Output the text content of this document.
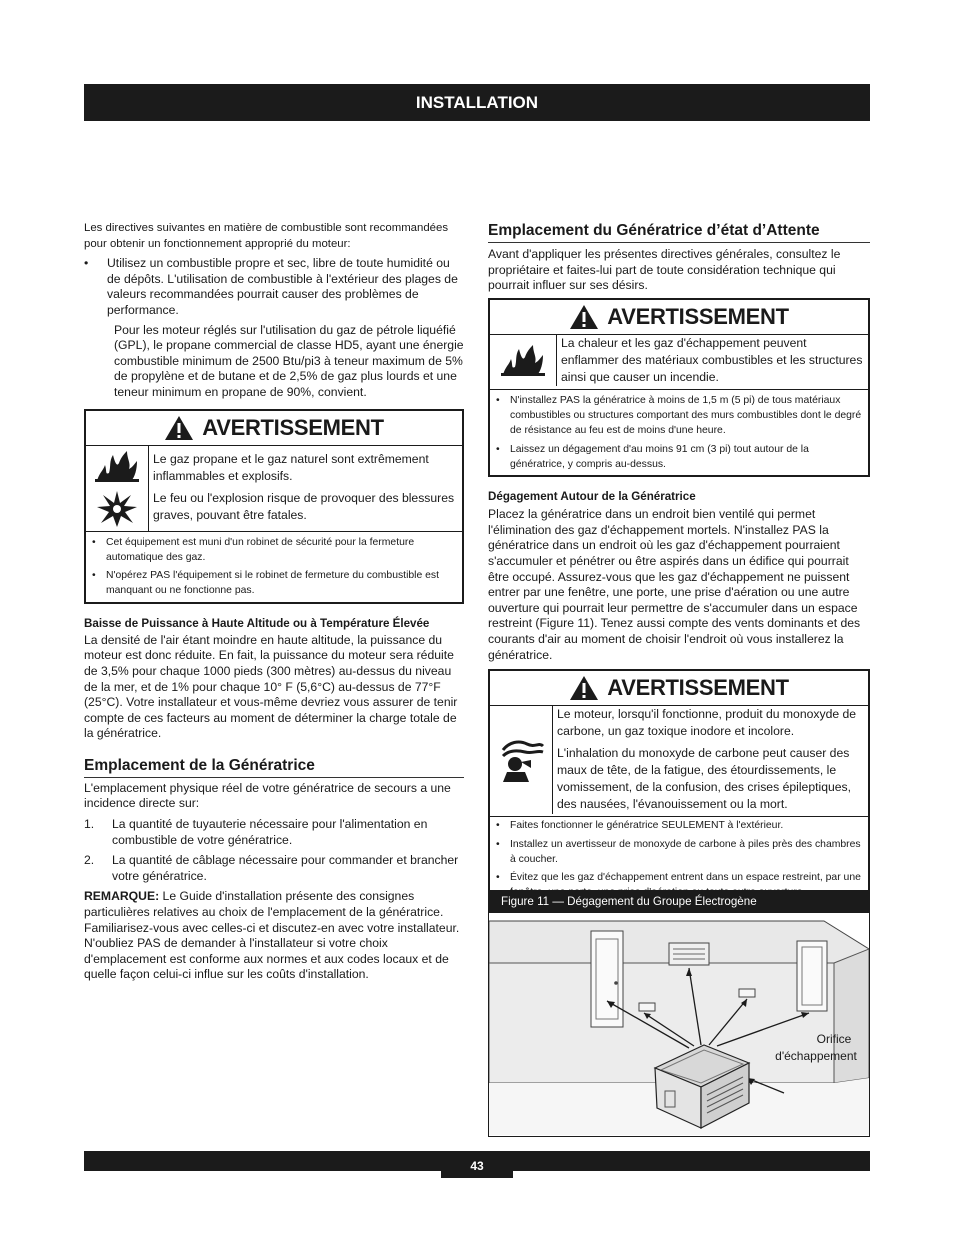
INSTALLATION

Les directives suivantes en matière de combustible sont recommandées pour obtenir un fonctionnement approprié du moteur:

• Utilisez un combustible propre et sec, libre de toute humidité ou de dépôts. L'utilisation de combustible à l'extérieur des plages de valeurs recommandées pourrait causer des problèmes de performance.

Pour les moteur réglés sur l'utilisation du gaz de pétrole liquéfié (GPL), le propane commercial de classe HD5, ayant une énergie combustible minimum de 2500 Btu/pi3 à teneur maximum de 5% de propylène et de butane et de 2,5% de gaz plus lourds et une teneur minimum en propane de 90%, convient.

AVERTISSEMENT

Le gaz propane et le gaz naturel sont extrêmement inflammables et explosifs.

Le feu ou l'explosion risque de provoquer des blessures graves, pouvant être fatales.

• Cet équipement est muni d'un robinet de sécurité pour la fermeture automatique des gaz.

• N'opérez PAS l'équipement si le robinet de fermeture du combustible est manquant ou ne fonctionne pas.

Baisse de Puissance à Haute Altitude ou à Température Élevée

La densité de l'air étant moindre en haute altitude, la puissance du moteur est donc réduite. En fait, la puissance du moteur sera réduite de 3,5% pour chaque 1000 pieds (300 mètres) au-dessus du niveau de la mer, et de 1% pour chaque 10° F (5,6°C) au-dessus de 77°F (25°C). Votre installateur et vous-même devriez vous assurer de tenir compte de ces facteurs au moment de déterminer la charge totale de la génératrice.

Emplacement de la Génératrice

L'emplacement physique réel de votre génératrice de secours a une incidence directe sur:

1. La quantité de tuyauterie nécessaire pour l'alimentation en combustible de votre génératrice.

2. La quantité de câblage nécessaire pour commander et brancher votre génératrice.

REMARQUE: Le Guide d'installation présente des consignes particulières relatives au choix de l'emplacement de la génératrice. Familiarisez-vous avec celles-ci et discutez-en avec votre installateur. N'oubliez PAS de demander à l'installateur si votre choix d'emplacement est conforme aux normes et aux codes locaux et de quelle façon celui-ci influe sur les coûts d'installation.

Emplacement du Génératrice d’état d’Attente

Avant d'appliquer les présentes directives générales, consultez le propriétaire et faites-lui part de toute considération technique qui pourrait influer sur ses désirs.

AVERTISSEMENT

La chaleur et les gaz d'échappement peuvent enflammer des matériaux combustibles et les structures ainsi que causer un incendie.

• N'installez PAS la génératrice à moins de 1,5 m (5 pi) de tous matériaux combustibles ou structures comportant des murs combustibles dont le degré de résistance au feu est de moins d'une heure.

• Laissez un dégagement d'au moins 91 cm (3 pi) tout autour de la génératrice, y compris au-dessus.

Dégagement Autour de la Génératrice

Placez la génératrice dans un endroit bien ventilé qui permet l'élimination des gaz d'échappement mortels. N'installez PAS la génératrice dans un endroit où les gaz d'échappement pourraient s'accumuler et pénétrer ou être aspirés dans un édifice qui pourrait être occupé. Assurez-vous que les gaz d'échappement ne puissent entrer par une fenêtre, une porte, une prise d'aération ou une autre ouverture qui pourrait leur permettre de s'accumuler dans un espace restreint (Figure 11). Tenez aussi compte des vents dominants et des courants d'air au moment de choisir l'endroit où vous installerez la génératrice.

AVERTISSEMENT

Le moteur, lorsqu'il fonctionne, produit du monoxyde de carbone, un gaz toxique inodore et incolore.

L'inhalation du monoxyde de carbone peut causer des maux de tête, de la fatigue, des étourdissements, le vomissement, de la confusion, des crises épileptiques, des nausées, l'évanouissement ou la mort.

• Faites fonctionner le génératrice SEULEMENT à l'extérieur.

• Installez un avertisseur de monoxyde de carbone à piles près des chambres à coucher.

• Évitez que les gaz d'échappement entrent dans un espace restreint, par une

Figure 11 — Dégagement du Groupe Électrogène
Orifice
d'échappement
43
